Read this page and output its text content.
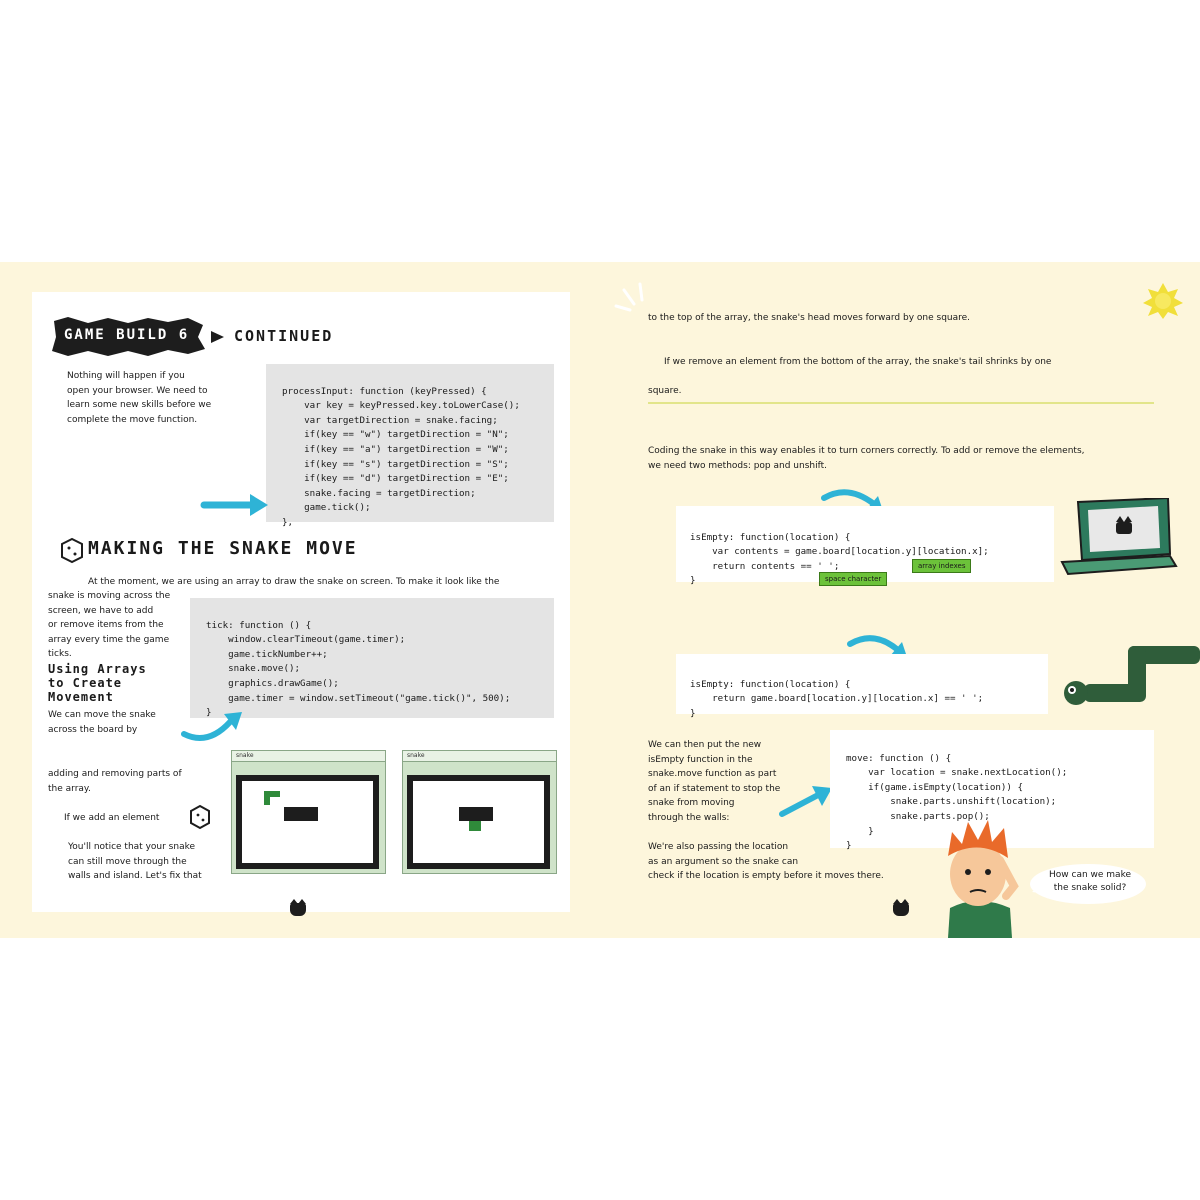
GAME BUILD 6	CONTINUED
Nothing will happen if you
open your browser. We need to
learn some new skills before we
complete the move function.

processInput: function (keyPressed) {
var key = keyPressed.key.toLowerCase();
var targetDirection = snake.facing;
if(key == "w") targetDirection = "N";
if(key == "a") targetDirection = "W";
if(key == "s") targetDirection = "S";
if(key == "d") targetDirection = "E";
snake.facing = targetDirection;
game.tick();
},

MAKING THE SNAKE MOVE
At the moment, we are using an array to draw the snake on screen. To make it look like the
snake is moving across the
screen, we have to add
or remove items from the
array every time the game
ticks.
Using Arrays
to Create
Movement
We can move the snake
across the board by

tick: function () {
window.clearTimeout(game.timer);
game.tickNumber++;
snake.move();
graphics.drawGame();
game.timer = window.setTimeout("game.tick()", 500);
}

adding and removing parts of
the array.
If we add an element
You'll notice that your snake
can still move through the
walls and island. Let's fix that
snake	snake
to the top of the array, the snake's head moves forward by one square.
If we remove an element from the bottom of the array, the snake's tail shrinks by one
square.
Coding the snake in this way enables it to turn corners correctly. To add or remove the elements,
we need two methods: pop and unshift.

isEmpty: function(location) {
var contents = game.board[location.y][location.x];
return contents == ' ';
}	space character
array indexes

isEmpty: function(location) {
return game.board[location.y][location.x] == ' ';
}

We can then put the new
isEmpty function in the
snake.move function as part
of an if statement to stop the
snake from moving
through the walls:

move: function () {
var location = snake.nextLocation();
if(game.isEmpty(location)) {
snake.parts.unshift(location);
snake.parts.pop();
}
}

We're also passing the location
as an argument so the snake can
check if the location is empty before it moves there.	How can we make
the snake solid?
